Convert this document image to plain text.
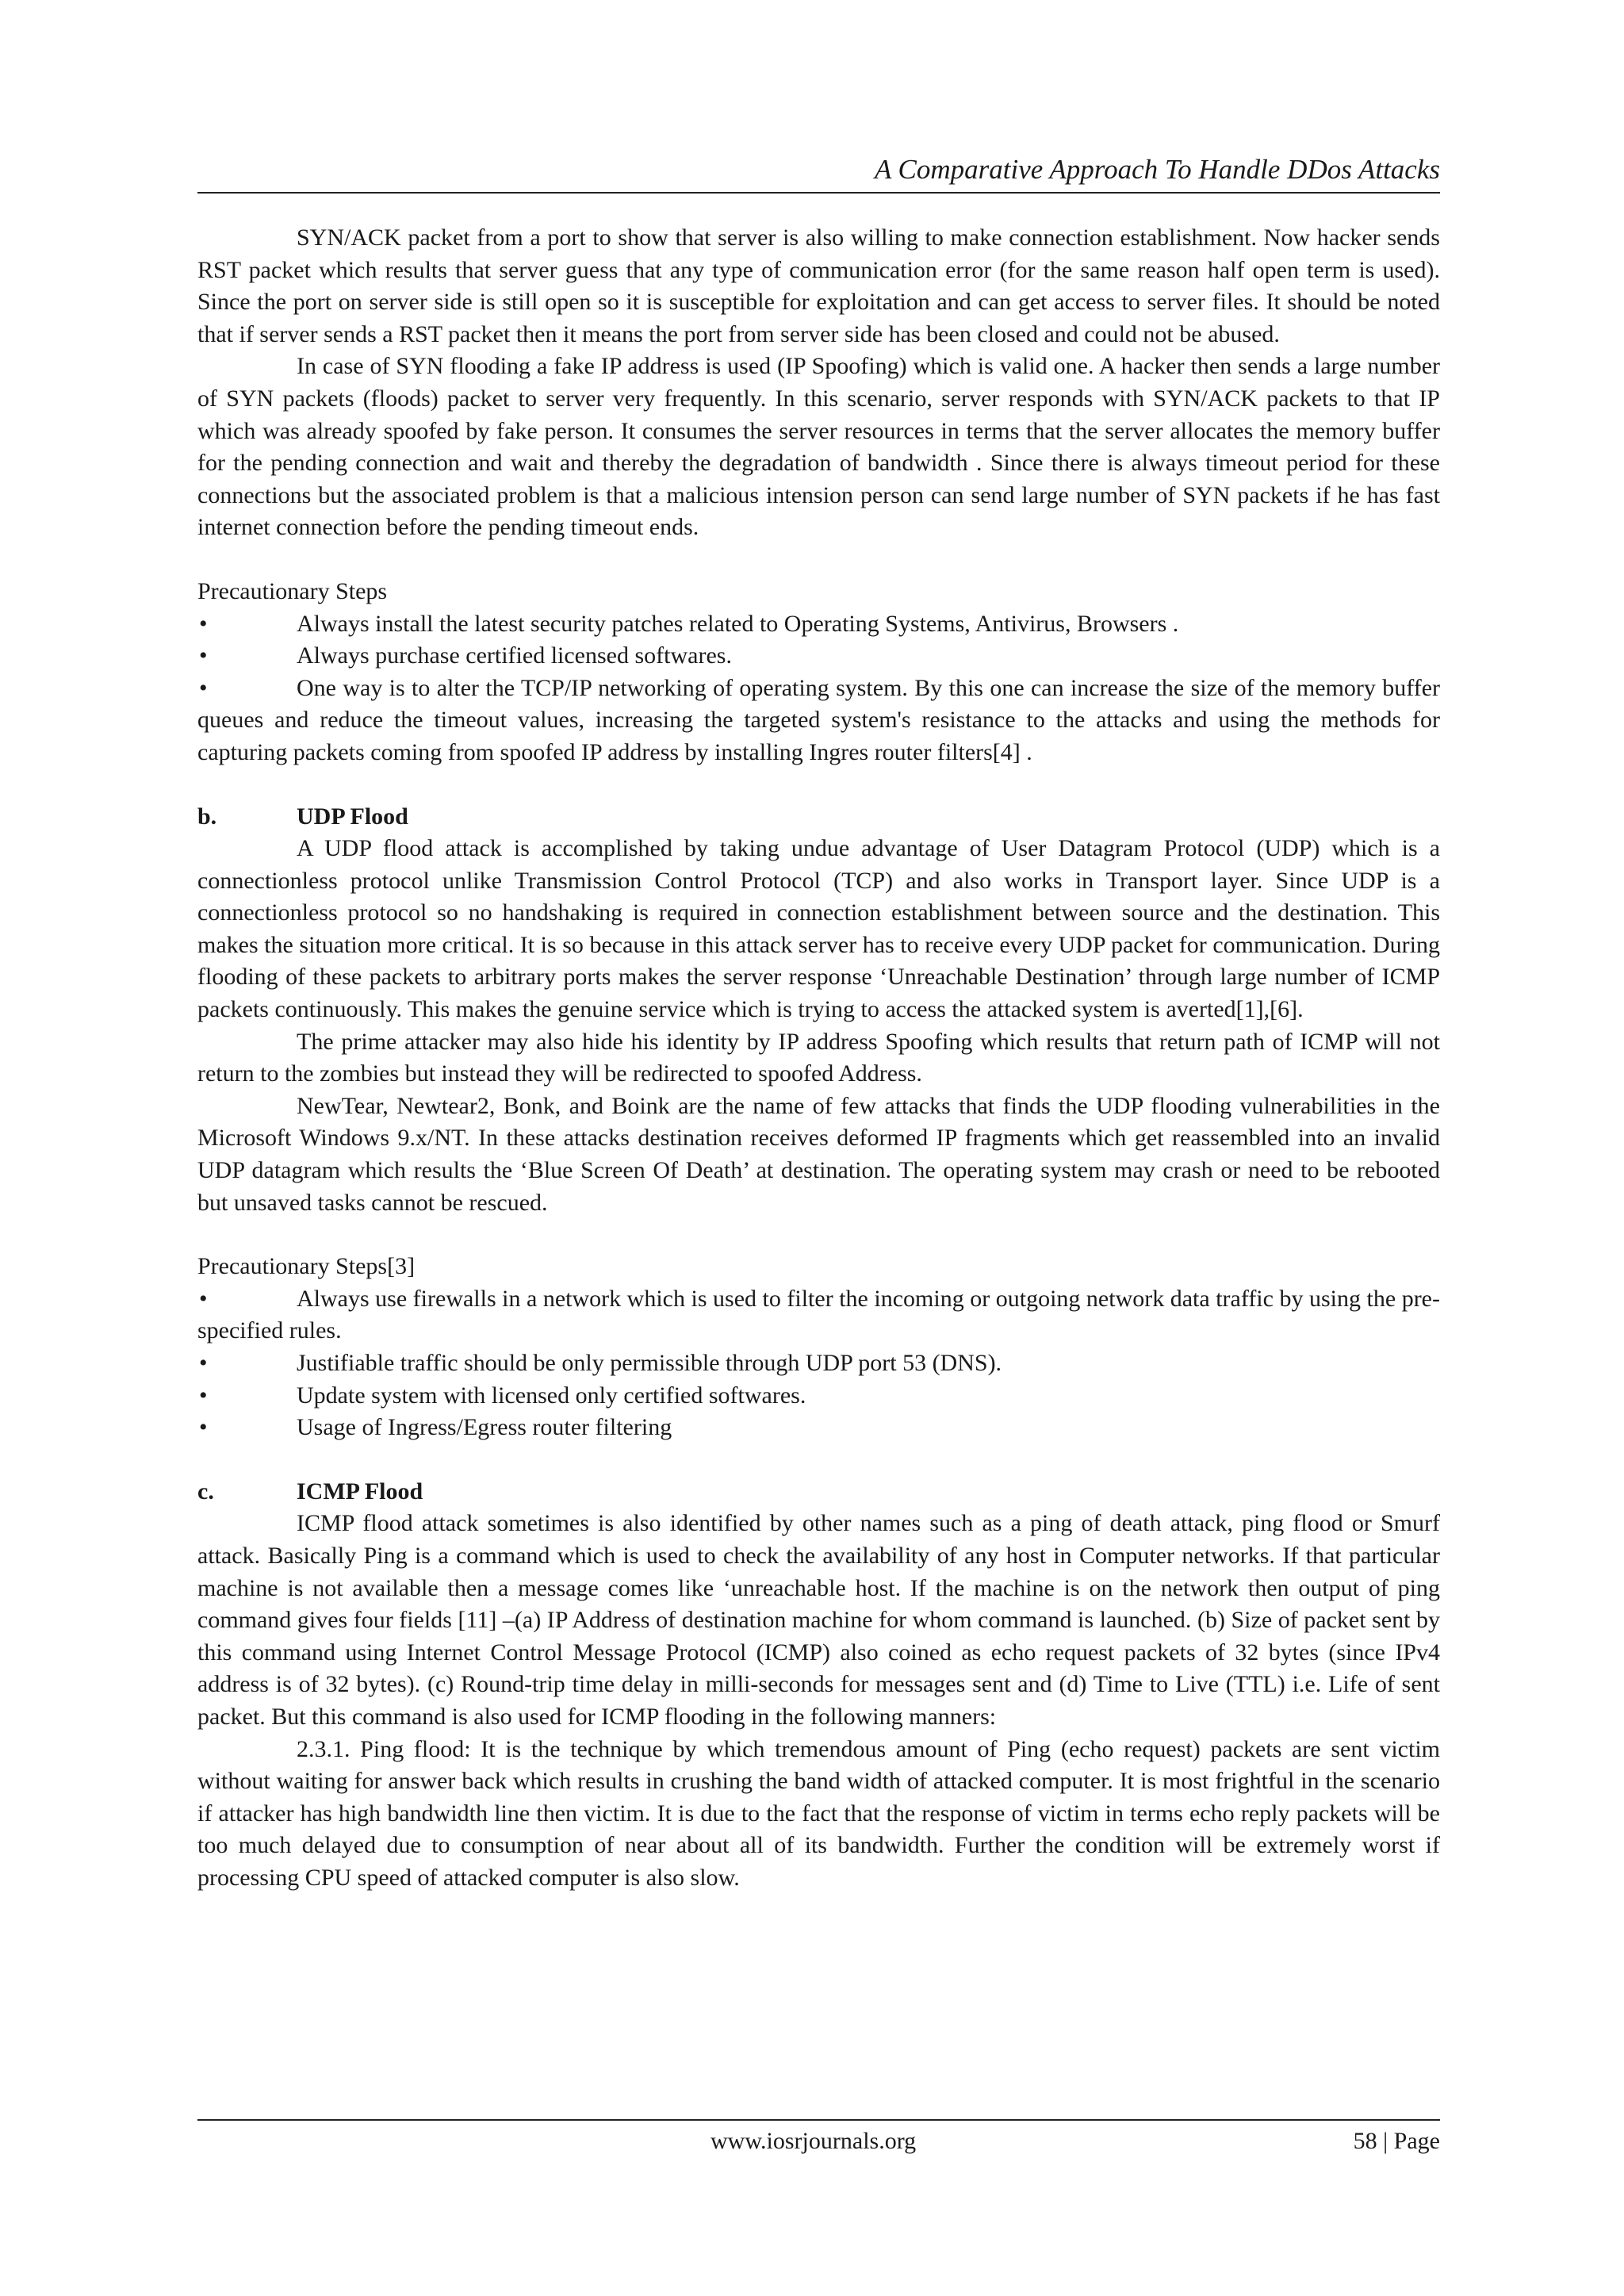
A Comparative Approach To Handle DDos Attacks

SYN/ACK packet from a port to show that server is also willing to make connection establishment. Now hacker sends RST packet which results that server guess that any type of communication error (for the same reason half open term is used). Since the port on server side is still open so it is susceptible for exploitation and can get access to server files. It should be noted that if server sends a RST packet then it means the port from server side has been closed and could not be abused.

In case of SYN flooding a fake IP address is used (IP Spoofing) which is valid one. A hacker then sends a large number of SYN packets (floods) packet to server very frequently. In this scenario, server responds with SYN/ACK packets to that IP which was already spoofed by fake person. It consumes the server resources in terms that the server allocates the memory buffer for the pending connection and wait and thereby the degradation of bandwidth . Since there is always timeout period for these connections but the associated problem is that a malicious intension person can send large number of SYN packets if he has fast internet connection before the pending timeout ends.

Precautionary Steps

• Always install the latest security patches related to Operating Systems, Antivirus, Browsers .
• Always purchase certified licensed softwares.
• One way is to alter the TCP/IP networking of operating system. By this one can increase the size of the memory buffer queues and reduce the timeout values, increasing the targeted system's resistance to the attacks and using the methods for capturing packets coming from spoofed IP address by installing Ingres router filters[4] .
b.	UDP Flood

A UDP flood attack is accomplished by taking undue advantage of User Datagram Protocol (UDP) which is a connectionless protocol unlike Transmission Control Protocol (TCP) and also works in Transport layer. Since UDP is a connectionless protocol so no handshaking is required in connection establishment between source and the destination. This makes the situation more critical. It is so because in this attack server has to receive every UDP packet for communication. During flooding of these packets to arbitrary ports makes the server response ‘Unreachable Destination’ through large number of ICMP packets continuously. This makes the genuine service which is trying to access the attacked system is averted[1],[6].

The prime attacker may also hide his identity by IP address Spoofing which results that return path of ICMP will not return to the zombies but instead they will be redirected to spoofed Address.

NewTear, Newtear2, Bonk, and Boink are the name of few attacks that finds the UDP flooding vulnerabilities in the Microsoft Windows 9.x/NT. In these attacks destination receives deformed IP fragments which get reassembled into an invalid UDP datagram which results the ‘Blue Screen Of Death’ at destination. The operating system may crash or need to be rebooted but unsaved tasks cannot be rescued.

Precautionary Steps[3]

• Always use firewalls in a network which is used to filter the incoming or outgoing network data traffic by using the pre-specified rules.
• Justifiable traffic should be only permissible through UDP port 53 (DNS).
• Update system with licensed only certified softwares.
• Usage of Ingress/Egress router filtering
c.	ICMP Flood

ICMP flood attack sometimes is also identified by other names such as a ping of death attack, ping flood or Smurf attack. Basically Ping is a command which is used to check the availability of any host in Computer networks. If that particular machine is not available then a message comes like ‘unreachable host. If the machine is on the network then output of ping command gives four fields [11] –(a) IP Address of destination machine for whom command is launched. (b) Size of packet sent by this command using Internet Control Message Protocol (ICMP) also coined as echo request packets of 32 bytes (since IPv4 address is of 32 bytes). (c) Round-trip time delay in milli-seconds for messages sent and (d) Time to Live (TTL) i.e. Life of sent packet. But this command is also used for ICMP flooding in the following manners:

2.3.1. Ping flood: It is the technique by which tremendous amount of Ping (echo request) packets are sent victim without waiting for answer back which results in crushing the band width of attacked computer. It is most frightful in the scenario if attacker has high bandwidth line then victim. It is due to the fact that the response of victim in terms echo reply packets will be too much delayed due to consumption of near about all of its bandwidth. Further the condition will be extremely worst if processing CPU speed of attacked computer is also slow.

www.iosrjournals.org	58 | Page
